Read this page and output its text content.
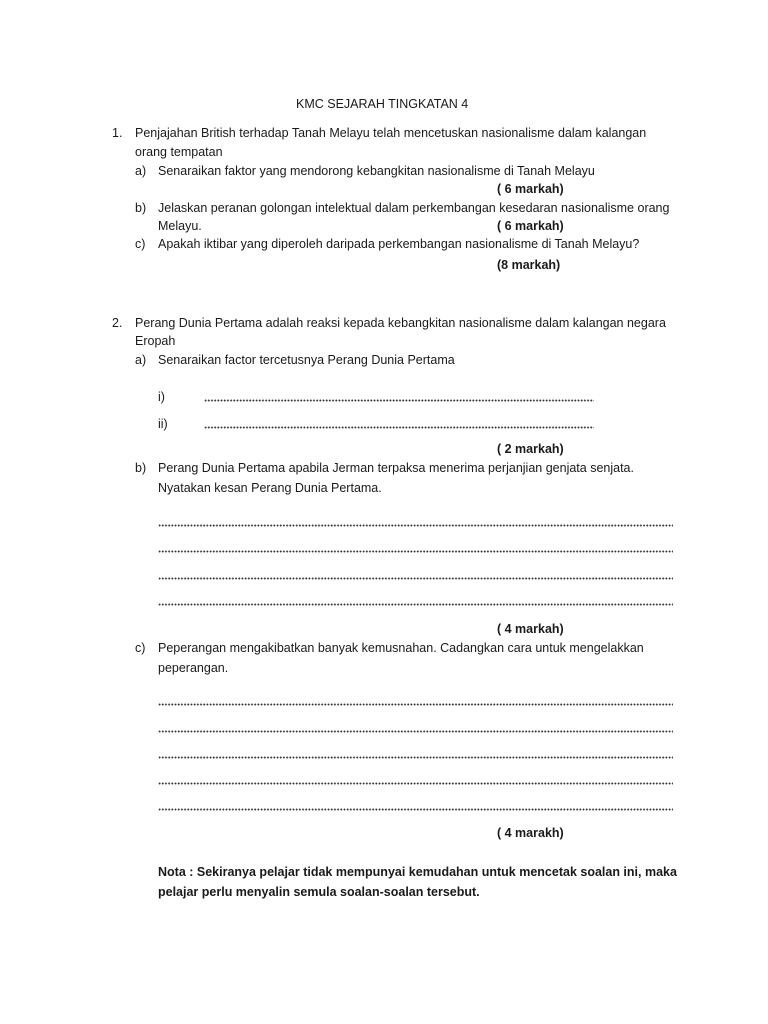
KMC SEJARAH TINGKATAN 4
1. Penjajahan British terhadap Tanah Melayu telah mencetuskan nasionalisme dalam kalangan
orang tempatan
a) Senaraikan faktor yang mendorong kebangkitan nasionalisme di Tanah Melayu
( 6 markah)
b) Jelaskan peranan golongan intelektual dalam perkembangan kesedaran nasionalisme orang
Melayu.	( 6 markah)
c) Apakah iktibar yang diperoleh daripada perkembangan nasionalisme di Tanah Melayu?
(8 markah)
2. Perang Dunia Pertama adalah reaksi kepada kebangkitan nasionalisme dalam kalangan negara
Eropah
a) Senaraikan factor tercetusnya Perang Dunia Pertama
i)
ii)
( 2 markah)
b) Perang Dunia Pertama apabila Jerman terpaksa menerima perjanjian genjata senjata.
Nyatakan kesan Perang Dunia Pertama.
( 4 markah)
c) Peperangan mengakibatkan banyak kemusnahan. Cadangkan cara untuk mengelakkan
peperangan.
( 4 marakh)
Nota : Sekiranya pelajar tidak mempunyai kemudahan untuk mencetak soalan ini, maka
pelajar perlu menyalin semula soalan-soalan tersebut.
